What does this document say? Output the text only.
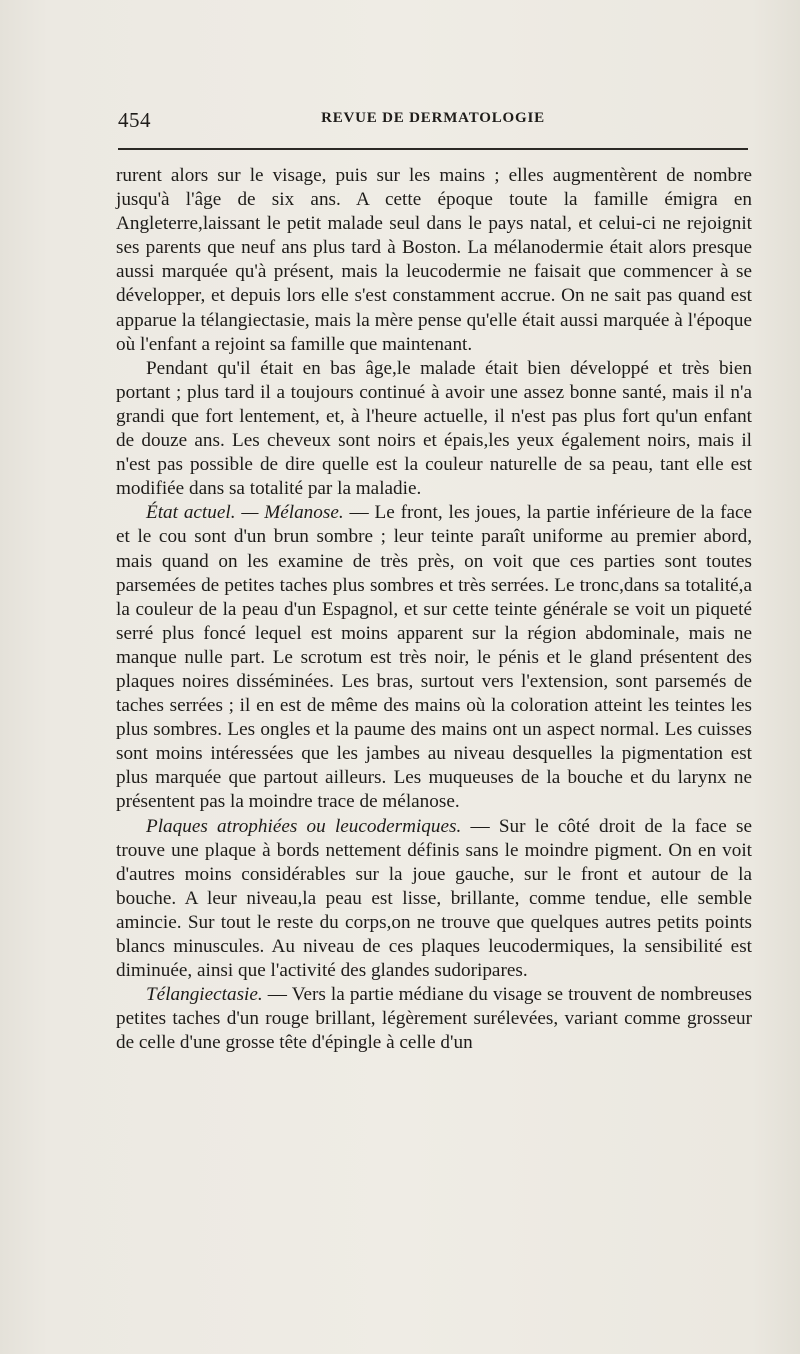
454	REVUE DE DERMATOLOGIE

rurent alors sur le visage, puis sur les mains ; elles augmentèrent de nombre jusqu'à l'âge de six ans. A cette époque toute la famille émigra en Angleterre,laissant le petit malade seul dans le pays natal, et celui-ci ne rejoignit ses parents que neuf ans plus tard à Boston. La mélanodermie était alors presque aussi marquée qu'à présent, mais la leucodermie ne faisait que commencer à se développer, et depuis lors elle s'est constamment accrue. On ne sait pas quand est apparue la télangiectasie, mais la mère pense qu'elle était aussi marquée à l'époque où l'enfant a rejoint sa famille que maintenant.

Pendant qu'il était en bas âge,le malade était bien développé et très bien portant ; plus tard il a toujours continué à avoir une assez bonne santé, mais il n'a grandi que fort lentement, et, à l'heure actuelle, il n'est pas plus fort qu'un enfant de douze ans. Les cheveux sont noirs et épais,les yeux également noirs, mais il n'est pas possible de dire quelle est la couleur naturelle de sa peau, tant elle est modifiée dans sa totalité par la maladie.

État actuel. — Mélanose. — Le front, les joues, la partie inférieure de la face et le cou sont d'un brun sombre ; leur teinte paraît uniforme au premier abord, mais quand on les examine de très près, on voit que ces parties sont toutes parsemées de petites taches plus sombres et très serrées. Le tronc,dans sa totalité,a la couleur de la peau d'un Espagnol, et sur cette teinte générale se voit un piqueté serré plus foncé lequel est moins apparent sur la région abdominale, mais ne manque nulle part. Le scrotum est très noir, le pénis et le gland présentent des plaques noires disséminées. Les bras, surtout vers l'extension, sont parsemés de taches serrées ; il en est de même des mains où la coloration atteint les teintes les plus sombres. Les ongles et la paume des mains ont un aspect normal. Les cuisses sont moins intéressées que les jambes au niveau desquelles la pigmentation est plus marquée que partout ailleurs. Les muqueuses de la bouche et du larynx ne présentent pas la moindre trace de mélanose.

Plaques atrophiées ou leucodermiques. — Sur le côté droit de la face se trouve une plaque à bords nettement définis sans le moindre pigment. On en voit d'autres moins considérables sur la joue gauche, sur le front et autour de la bouche. A leur niveau,la peau est lisse, brillante, comme tendue, elle semble amincie. Sur tout le reste du corps,on ne trouve que quelques autres petits points blancs minuscules. Au niveau de ces plaques leucodermiques, la sensibilité est diminuée, ainsi que l'activité des glandes sudoripares.

Télangiectasie. — Vers la partie médiane du visage se trouvent de nombreuses petites taches d'un rouge brillant, légèrement surélevées, variant comme grosseur de celle d'une grosse tête d'épingle à celle d'un
